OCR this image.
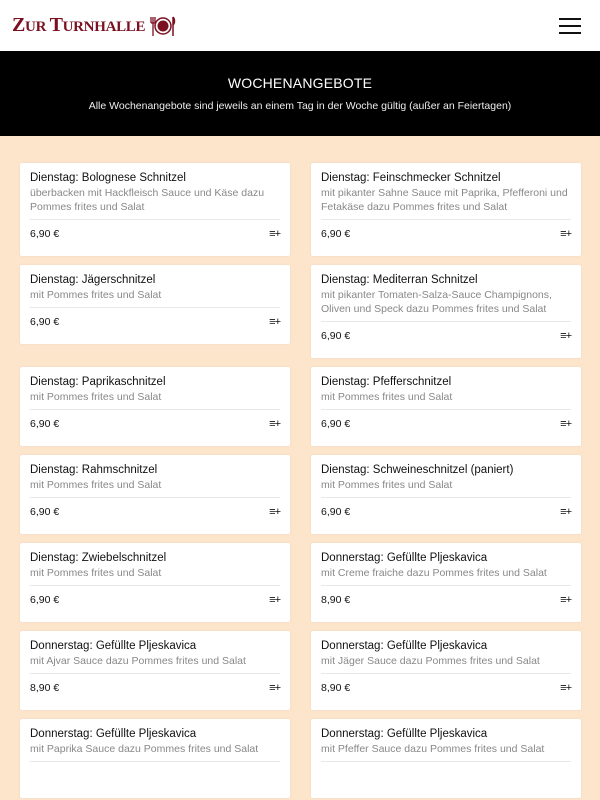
ZUR TURNHALLE
WOCHENANGEBOTE

Alle Wochenangebote sind jeweils an einem Tag in der Woche gültig (außer an Feiertagen)

Dienstag: Bolognese Schnitzel
überbacken mit Hackfleisch Sauce und Käse dazu Pommes frites und Salat
6,90 €	≡+
Dienstag: Feinschmecker Schnitzel
mit pikanter Sahne Sauce mit Paprika, Pfefferoni und Fetakäse dazu Pommes frites und Salat
6,90 €	≡+
Dienstag: Jägerschnitzel
mit Pommes frites und Salat
6,90 €	≡+
Dienstag: Mediterran Schnitzel
mit pikanter Tomaten-Salza-Sauce Champignons, Oliven und Speck dazu Pommes frites und Salat
6,90 €	≡+
Dienstag: Paprikaschnitzel
mit Pommes frites und Salat
6,90 €	≡+
Dienstag: Pfefferschnitzel
mit Pommes frites und Salat
6,90 €	≡+
Dienstag: Rahmschnitzel
mit Pommes frites und Salat
6,90 €	≡+
Dienstag: Schweineschnitzel (paniert)
mit Pommes frites und Salat
6,90 €	≡+
Dienstag: Zwiebelschnitzel
mit Pommes frites und Salat
6,90 €	≡+
Donnerstag: Gefüllte Pljeskavica
mit Creme fraiche dazu Pommes frites und Salat
8,90 €	≡+
Donnerstag: Gefüllte Pljeskavica
mit Ajvar Sauce dazu Pommes frites und Salat
8,90 €	≡+
Donnerstag: Gefüllte Pljeskavica
mit Jäger Sauce dazu Pommes frites und Salat
8,90 €	≡+
Donnerstag: Gefüllte Pljeskavica
mit Paprika Sauce dazu Pommes frites und Salat
Donnerstag: Gefüllte Pljeskavica
mit Pfeffer Sauce dazu Pommes frites und Salat
